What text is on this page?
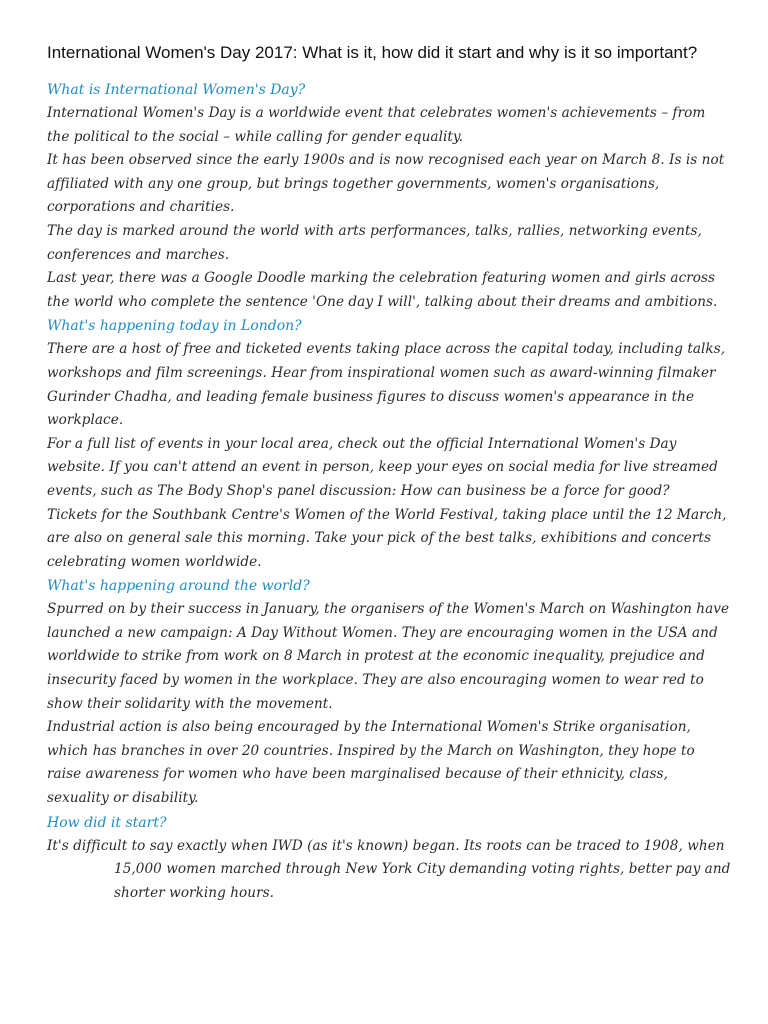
International Women's Day 2017: What is it, how did it start and why is it so important?
What is International Women's Day?

International Women's Day is a worldwide event that celebrates women's achievements – from the political to the social – while calling for gender equality.

It has been observed since the early 1900s and is now recognised each year on March 8. Is is not affiliated with any one group, but brings together governments, women's organisations, corporations and charities.

The day is marked around the world with arts performances, talks, rallies, networking events, conferences and marches.

Last year, there was a Google Doodle marking the celebration featuring women and girls across the world who complete the sentence 'One day I will', talking about their dreams and ambitions.

What's happening today in London?

There are a host of free and ticketed events taking place across the capital today, including talks, workshops and film screenings. Hear from inspirational women such as award-winning filmaker Gurinder Chadha, and leading female business figures to discuss women's appearance in the workplace.

For a full list of events in your local area, check out the official International Women's Day website. If you can't attend an event in person, keep your eyes on social media for live streamed events, such as The Body Shop's panel discussion: How can business be a force for good?

Tickets for the Southbank Centre's Women of the World Festival, taking place until the 12 March, are also on general sale this morning. Take your pick of the best talks, exhibitions and concerts celebrating women worldwide.

What's happening around the world?

Spurred on by their success in January, the organisers of the Women's March on Washington have launched a new campaign: A Day Without Women. They are encouraging women in the USA and worldwide to strike from work on 8 March in protest at the economic inequality, prejudice and insecurity faced by women in the workplace. They are also encouraging women to wear red to show their solidarity with the movement.

Industrial action is also being encouraged by the International Women's Strike organisation, which has branches in over 20 countries. Inspired by the March on Washington, they hope to raise awareness for women who have been marginalised because of their ethnicity, class, sexuality or disability.

How did it start?

It's difficult to say exactly when IWD (as it's known) began. Its roots can be traced to 1908, when 15,000 women marched through New York City demanding voting rights, better pay and shorter working hours.
